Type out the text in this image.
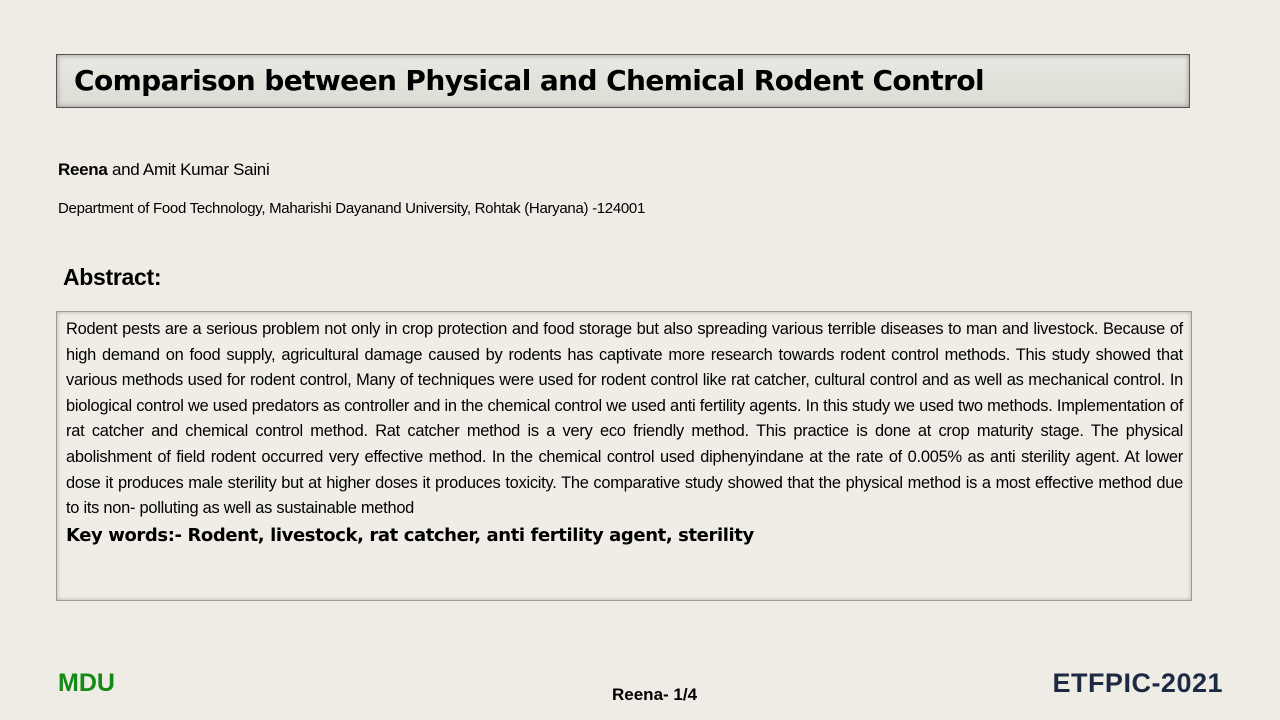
Comparison between Physical and Chemical Rodent Control
Reena and Amit Kumar Saini
Department of Food Technology, Maharishi Dayanand University, Rohtak (Haryana) -124001
Abstract:

Rodent pests are a serious problem not only in crop protection and food storage but also spreading various terrible diseases to man and livestock. Because of high demand on food supply, agricultural damage caused by rodents has captivate more research towards rodent control methods. This study showed that various methods used for rodent control, Many of techniques were used for rodent control like rat catcher, cultural control and as well as mechanical control. In biological control we used predators as controller and in the chemical control we used anti fertility agents. In this study we used two methods. Implementation of rat catcher and chemical control method. Rat catcher method is a very eco friendly method. This practice is done at crop maturity stage. The physical abolishment of field rodent occurred very effective method. In the chemical control used diphenyindane at the rate of 0.005% as anti sterility agent. At lower dose it produces male sterility but at higher doses it produces toxicity. The comparative study showed that the physical method is a most effective method due to its non- polluting as well as sustainable method

Key words:- Rodent, livestock, rat catcher, anti fertility agent, sterility
MDU	Reena- 1/4	ETFPIC-2021
